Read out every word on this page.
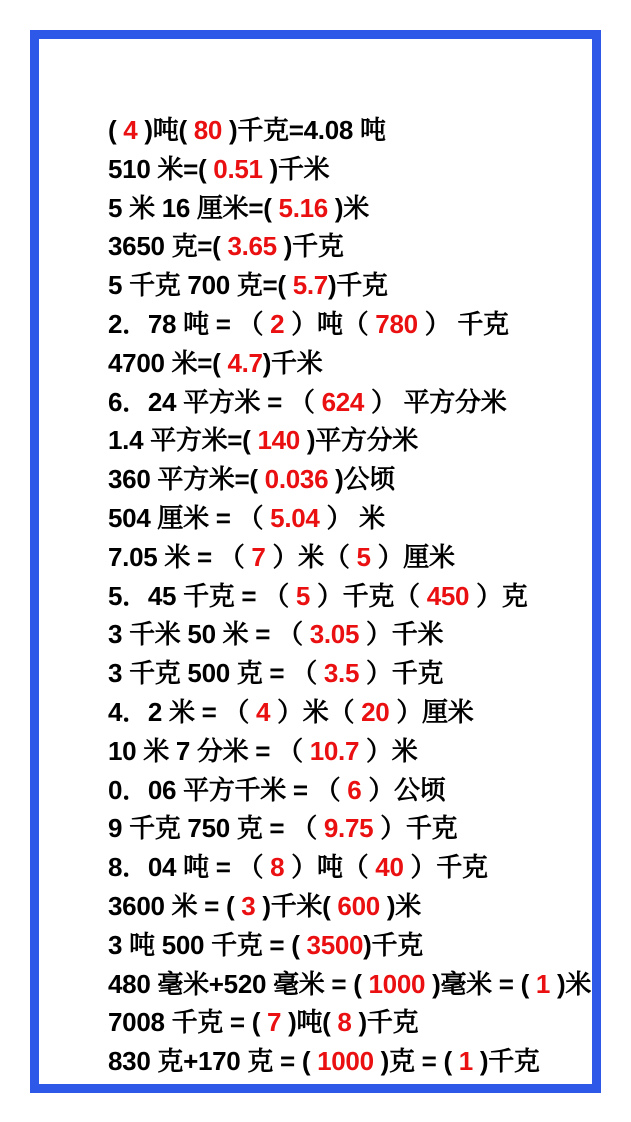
( 4 )吨( 80 )千克=4.08 吨
510 米=( 0.51 )千米
5 米 16 厘米=( 5.16 )米
3650 克=( 3.65 )千克
5 千克 700 克=( 5.7)千克
2．78 吨 = （ 2 ）吨（ 780 ） 千克
4700 米=( 4.7)千米
6．24 平方米 = （ 624 ） 平方分米
1.4 平方米=( 140 )平方分米
360 平方米=( 0.036 )公顷
504 厘米 = （ 5.04 ） 米
7.05 米 = （ 7 ）米（ 5 ）厘米
5．45 千克 = （ 5 ）千克（ 450 ）克
3 千米 50 米 = （ 3.05 ）千米
3 千克 500 克 = （ 3.5 ）千克
4．2 米 = （ 4 ）米（ 20 ）厘米
10 米 7 分米 = （ 10.7 ）米
0．06 平方千米 = （ 6 ）公顷
9 千克 750 克 = （ 9.75 ）千克
8．04 吨 = （ 8 ）吨（ 40 ）千克
3600 米 = ( 3 )千米( 600 )米
3 吨 500 千克 = ( 3500)千克
480 毫米+520 毫米 = ( 1000 )毫米 = ( 1 )米
7008 千克 = ( 7 )吨( 8 )千克
830 克+170 克 = ( 1000 )克 = ( 1 )千克
